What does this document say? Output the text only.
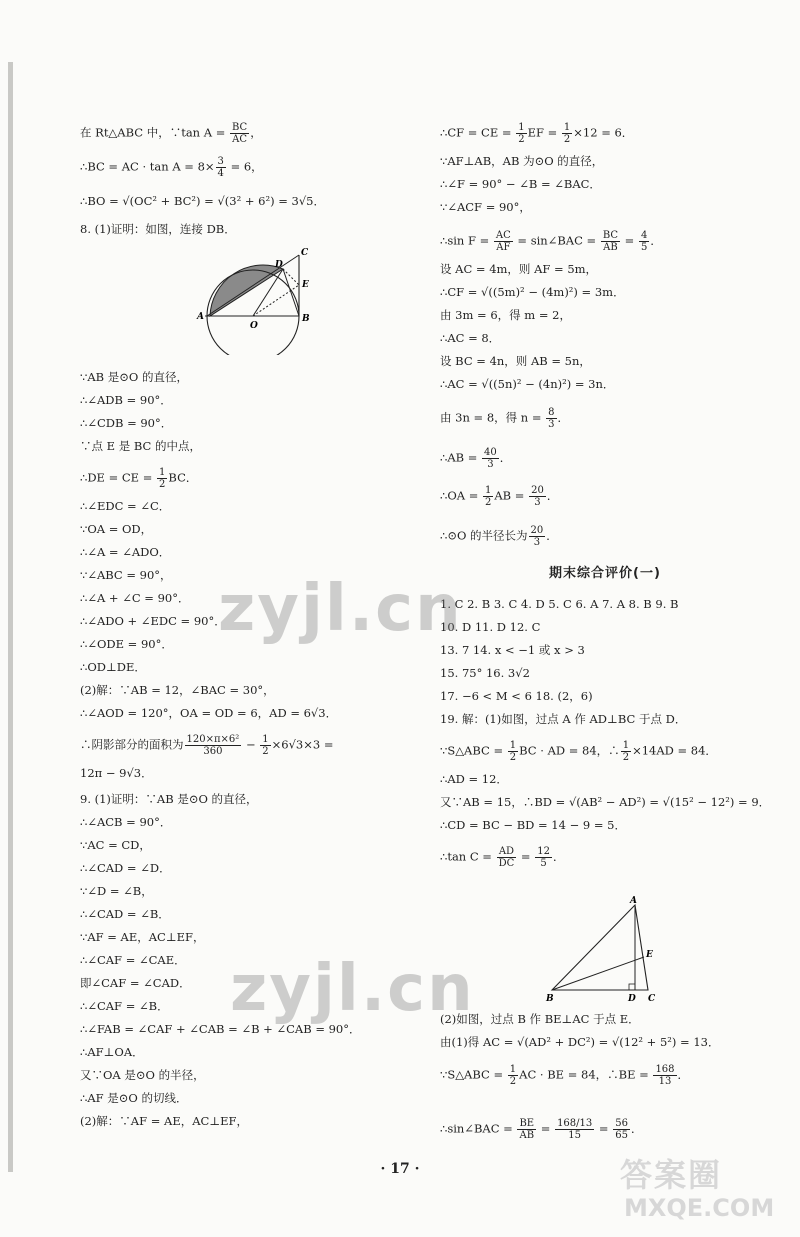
在 Rt△ABC 中，∵tan $A = \frac{BC}{AC}$ ，
∴BC = AC · $\tan A = 8\times \frac{3}{4} = 6$，
∴BO = √(OC² + BC²) = √(3² + 6²) = 3√5．
8. (1)证明：如图，连接 DB．
∵AB 是⊙O 的直径，
∴∠ADB = 90°．
∴∠CDB = 90°．
∵点 E 是 BC 的中点，
∴DE = CE = $\frac{1}{2}$ BC．
∴∠EDC = ∠C．
∵OA = OD，
∴∠A = ∠ADO．
∵∠ABC = 90°，
∴∠A + ∠C = 90°．
∴∠ADO + ∠EDC = 90°．
∴∠ODE = 90°．
∴OD⊥DE．
(2)解：∵AB = 12，∠BAC = 30°，
∴∠AOD = 120°，OA = OD = 6，AD = 6√3．
∴阴影部分的面积为 $\frac{\text{120×π×6²}}{360} - \frac{1}{2} \times 6√3\times 3$ =
12π − 9√3．
9. (1)证明：∵AB 是⊙O 的直径，
∴∠ACB = 90°．
∵AC = CD，
∴∠CAD = ∠D．
∵∠D = ∠B，
∴∠CAD = ∠B．
∵AF = AE，AC⊥EF，
∴∠CAF = ∠CAE．
即∠CAF = ∠CAD．
∴∠CAF = ∠B．
∴∠FAB = ∠CAF + ∠CAB = ∠B + ∠CAB = 90°．
∴AF⊥OA．
又∵OA 是⊙O 的半径，
∴AF 是⊙O 的切线．
(2)解：∵AF = AE，AC⊥EF，
∴CF = CE = $\frac{1}{2}$ EF = $\frac{1}{2} \times 12 = 6$．
∵AF⊥AB，AB 为⊙O 的直径，
∴∠F = 90° − ∠B = ∠BAC．
∵∠ACF = 90°，
∴sin $F = \frac{AC}{AF}$ = sin∠BAC = $\frac{BC}{AB} = \frac{4}{5}$ ．
设 AC = 4m，则 AF = 5m，
∴CF = √((5m)² − (4m)²) = 3m．
由 3m = 6，得 m = 2，
∴AC = 8．
设 BC = 4n，则 AB = 5n，
∴AC = √((5n)² − (4n)²) = 3n．
由 3n = 8，得 $n = \frac{8}{3}$ ．
∴AB = $\frac{40}{3}$ ．
∴OA = $\frac{1}{2}$ AB = $\frac{20}{3}$ ．
∴⊙O 的半径长为 $\frac{20}{3}$ ．
期末综合评价(一)
1. C 2. B 3. C 4. D 5. C 6. A 7. A 8. B 9. B
10. D 11. D 12. C
13. 7 14. x < −1 或 x > 3
15. 75° 16. 3√2
17. −6 < M < 6 18. (2，6)
19. 解：(1)如图，过点 A 作 AD⊥BC 于点 D．
∵S△ABC = $\frac{1}{2}$ BC · AD = 84，∴ $\frac{1}{2} \times 14AD = 84$．
∴AD = 12．
又∵AB = 15，∴BD = √(AB² − AD²) = √(15² − 12²) = 9．
∴CD = BC − BD = 14 − 9 = 5．
∴tan $C = \frac{AD}{DC} = \frac{12}{5}$ ．
(2)如图，过点 B 作 BE⊥AC 于点 E．
由(1)得 AC = √(AD² + DC²) = √(12² + 5²) = 13．
∵S△ABC = $\frac{1}{2}$ AC · BE = 84，∴BE = $\frac{168}{13}$ ．
∴sin∠BAC = $\frac{BE}{AB} = \frac{168/13}{15} = \frac{56}{65}$ ．
A	B
C
D
E
O
A
B	C
D
E
zyjl.cn
zyjl.cn
· 17 ·	答案圈
MXQE.COM
